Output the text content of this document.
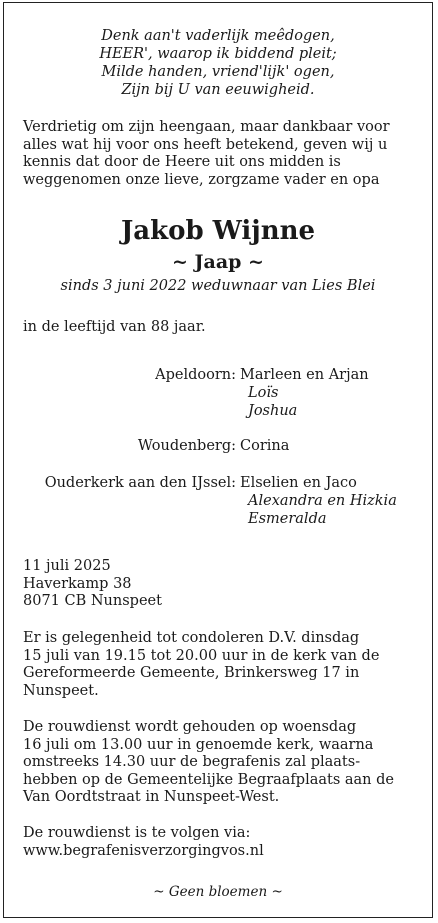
Denk aan't vaderlijk meêdogen,
HEER', waarop ik biddend pleit;
Milde handen, vriend'lijk' ogen,
Zijn bij U van eeuwigheid.
Verdrietig om zijn heengaan, maar dankbaar voor
alles wat hij voor ons heeft betekend, geven wij u
kennis dat door de Heere uit ons midden is
weggenomen onze lieve, zorgzame vader en opa
Jakob Wijnne
~ Jaap ~
sinds 3 juni 2022 weduwnaar van Lies Blei
in de leeftijd van 88 jaar.
Apeldoorn: Marleen en Arjan
Loïs
Joshua
Woudenberg: Corina
Ouderkerk aan den IJssel: Elselien en Jaco
Alexandra en Hizkia
Esmeralda
11 juli 2025
Haverkamp 38
8071 CB Nunspeet
Er is gelegenheid tot condoleren D.V. dinsdag
15 juli van 19.15 tot 20.00 uur in de kerk van de
Gereformeerde Gemeente, Brinkersweg 17 in
Nunspeet.
De rouwdienst wordt gehouden op woensdag
16 juli om 13.00 uur in genoemde kerk, waarna
omstreeks 14.30 uur de begrafenis zal plaats-
hebben op de Gemeentelijke Begraafplaats aan de
Van Oordtstraat in Nunspeet-West.
De rouwdienst is te volgen via:
www.begrafenisverzorgingvos.nl
~ Geen bloemen ~
